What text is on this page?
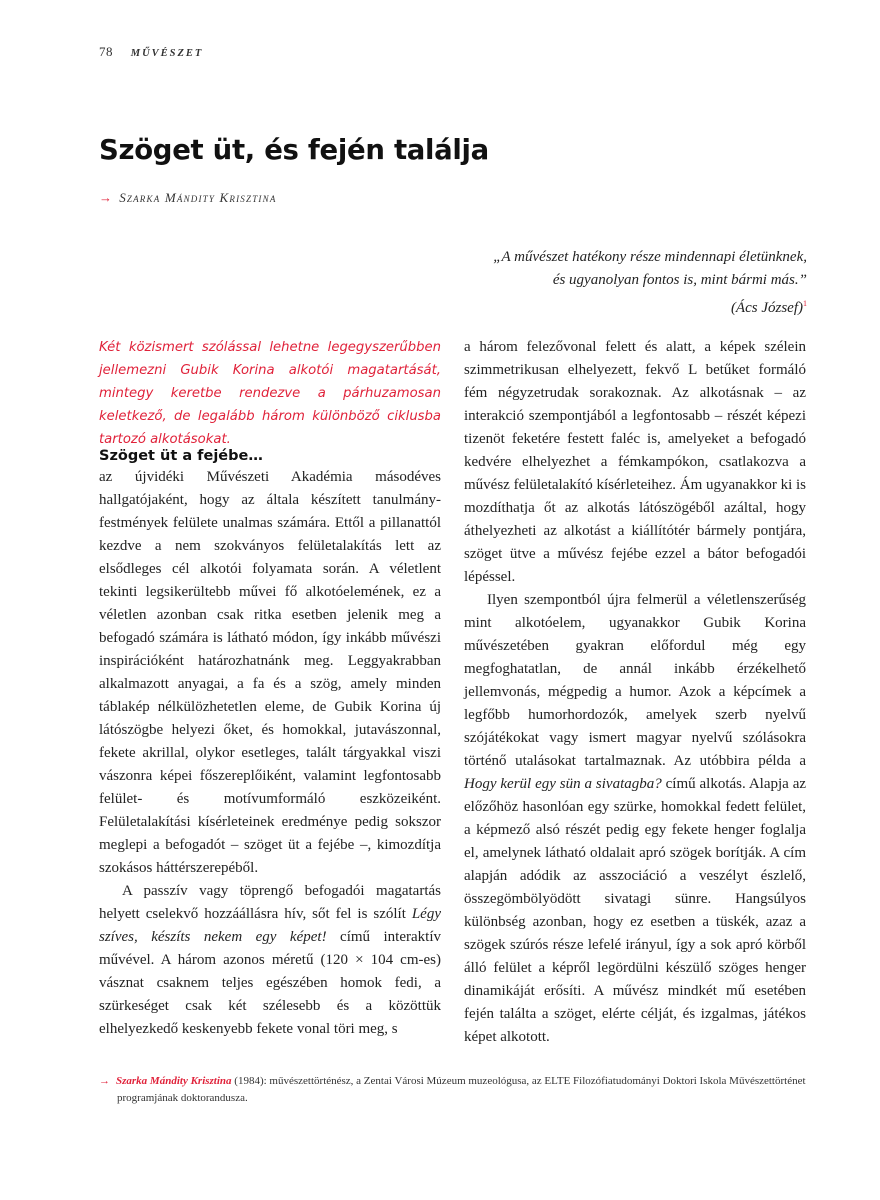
78 MŰVÉSZET
Szöget üt, és fején találja
→ Szarka Mándity Krisztina
„A művészet hatékony része mindennapi életünknek,
és ugyanolyan fontos is, mint bármi más.”
(Ács József)$^1$

Két közismert szólással lehetne legegyszerűbben jellemezni Gubik Korina alkotói magatartását, mintegy keretbe rendezve a párhuzamosan keletkező, de legalább három különböző ciklusba tartozó alkotásokat.

Szöget üt a fejébe…

az újvidéki Művészeti Akadémia másodéves hallgatójaként, hogy az általa készített tanulmányfestmények felülete unalmas számára. Ettől a pillanattól kezdve a nem szokványos felületalakítás lett az elsődleges cél alkotói folyamata során. A véletlent tekinti legsikerültebb művei fő alkotóelemének, ez a véletlen azonban csak ritka esetben jelenik meg a befogadó számára is látható módon, így inkább művészi inspirációként határozhatnánk meg. Leggyakrabban alkalmazott anyagai, a fa és a szög, amely minden táblakép nélkülözhetetlen eleme, de Gubik Korina új látószögbe helyezi őket, és homokkal, jutavászonnal, fekete akrillal, olykor esetleges, talált tárgyakkal viszi vászonra képei főszereplőiként, valamint legfontosabb felület- és motívumformáló eszközeiként. Felületalakítási kísérleteinek eredménye pedig sokszor meglepi a befogadót – szöget üt a fejébe –, kimozdítja szokásos háttérszerepéből.

A passzív vagy töprengő befogadói magatartás helyett cselekvő hozzáállásra hív, sőt fel is szólít Légy szíves, készíts nekem egy képet! című interaktív művével. A három azonos méretű (120 × 104 cm-es) vásznat csaknem teljes egészében homok fedi, a szürkeséget csak két szélesebb és a közöttük elhelyezkedő keskenyebb fekete vonal töri meg, s

a három felezővonal felett és alatt, a képek szélein szimmetrikusan elhelyezett, fekvő L betűket formáló fém négyzetrudak sorakoznak. Az alkotásnak – az interakció szempontjából a legfontosabb – részét képezi tizenöt feketére festett faléc is, amelyeket a befogadó kedvére elhelyezhet a fémkampókon, csatlakozva a művész felületalakító kísérleteihez. Ám ugyanakkor ki is mozdíthatja őt az alkotás látószögéből azáltal, hogy áthelyezheti az alkotást a kiállítótér bármely pontjára, szöget ütve a művész fejébe ezzel a bátor befogadói lépéssel.

Ilyen szempontból újra felmerül a véletlenszerűség mint alkotóelem, ugyanakkor Gubik Korina művészetében gyakran előfordul még egy megfoghatatlan, de annál inkább érzékelhető jellemvonás, mégpedig a humor. Azok a képcímek a legfőbb humorhordozók, amelyek szerb nyelvű szójátékokat vagy ismert magyar nyelvű szólásokra történő utalásokat tartalmaznak. Az utóbbira példa a Hogy kerül egy sün a sivatagba? című alkotás. Alapja az előzőhöz hasonlóan egy szürke, homokkal fedett felület, a képmező alsó részét pedig egy fekete henger foglalja el, amelynek látható oldalait apró szögek borítják. A cím alapján adódik az asszociáció a veszélyt észlelő, összegömbölyödött sivatagi sünre. Hangsúlyos különbség azonban, hogy ez esetben a tüskék, azaz a szögek szúrós része lefelé irányul, így a sok apró körből álló felület a képről legördülni készülő szöges henger dinamikáját erősíti. A művész mindkét mű esetében fején találta a szöget, elérte célját, és izgalmas, játékos képet alkotott.

→ Szarka Mándity Krisztina (1984): művészettörténész, a Zentai Városi Múzeum muzeológusa, az ELTE Filozófiatudományi Doktori Iskola Művészettörténet programjának doktorandusza.
